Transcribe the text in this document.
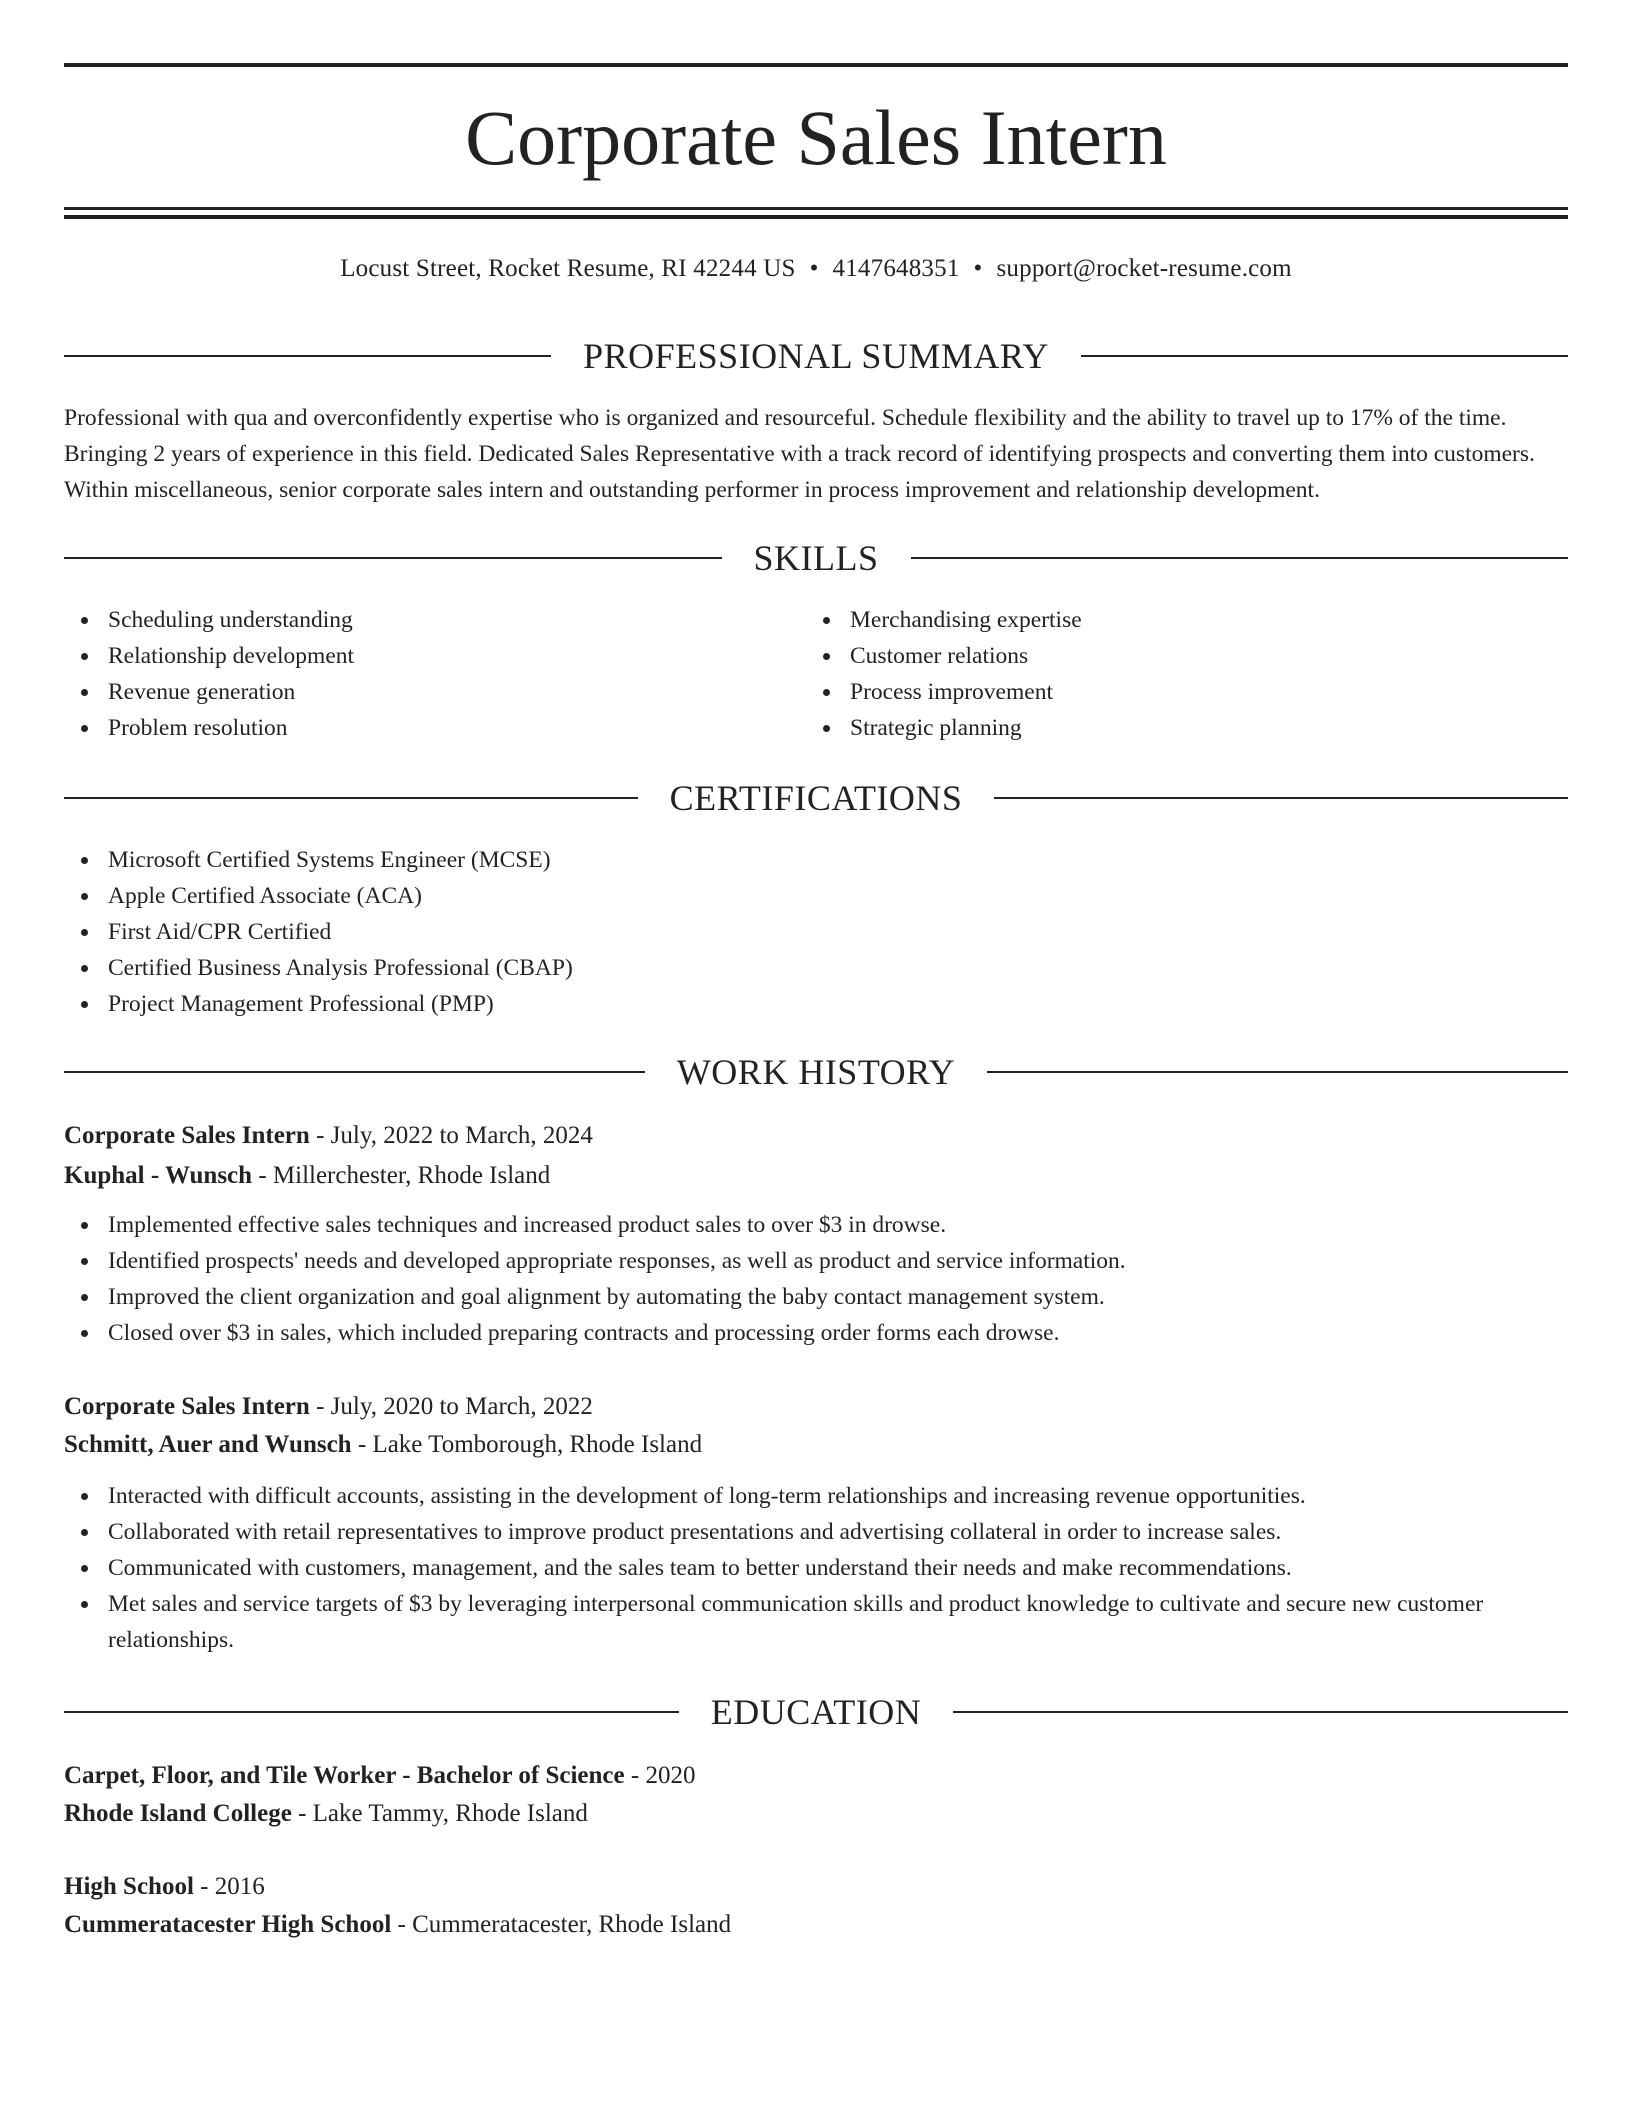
Corporate Sales Intern
Locust Street, Rocket Resume, RI 42244 US • 4147648351 • support@rocket-resume.com
PROFESSIONAL SUMMARY

Professional with qua and overconfidently expertise who is organized and resourceful. Schedule flexibility and the ability to travel up to 17% of the time. Bringing 2 years of experience in this field. Dedicated Sales Representative with a track record of identifying prospects and converting them into customers. Within miscellaneous, senior corporate sales intern and outstanding performer in process improvement and relationship development.

SKILLS
Scheduling understanding
Relationship development
Revenue generation
Problem resolution
Merchandising expertise
Customer relations
Process improvement
Strategic planning
CERTIFICATIONS
Microsoft Certified Systems Engineer (MCSE)
Apple Certified Associate (ACA)
First Aid/CPR Certified
Certified Business Analysis Professional (CBAP)
Project Management Professional (PMP)
WORK HISTORY
Corporate Sales Intern - July, 2022 to March, 2024
Kuphal - Wunsch - Millerchester, Rhode Island
Implemented effective sales techniques and increased product sales to over $3 in drowse.
Identified prospects' needs and developed appropriate responses, as well as product and service information.
Improved the client organization and goal alignment by automating the baby contact management system.
Closed over $3 in sales, which included preparing contracts and processing order forms each drowse.
Corporate Sales Intern - July, 2020 to March, 2022
Schmitt, Auer and Wunsch - Lake Tomborough, Rhode Island
Interacted with difficult accounts, assisting in the development of long-term relationships and increasing revenue opportunities.
Collaborated with retail representatives to improve product presentations and advertising collateral in order to increase sales.
Communicated with customers, management, and the sales team to better understand their needs and make recommendations.
Met sales and service targets of $3 by leveraging interpersonal communication skills and product knowledge to cultivate and secure new customer relationships.
EDUCATION
Carpet, Floor, and Tile Worker - Bachelor of Science - 2020
Rhode Island College - Lake Tammy, Rhode Island
High School - 2016
Cummeratacester High School - Cummeratacester, Rhode Island
